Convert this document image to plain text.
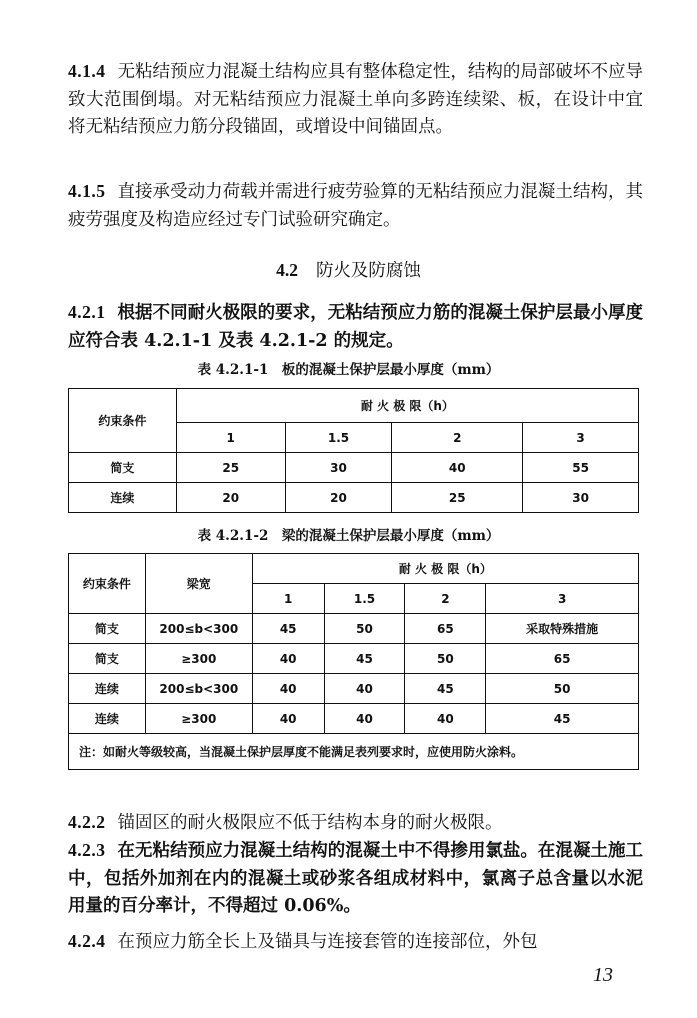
4.1.4 无粘结预应力混凝土结构应具有整体稳定性，结构的局部破坏不应导致大范围倒塌。对无粘结预应力混凝土单向多跨连续梁、板，在设计中宜将无粘结预应力筋分段锚固，或增设中间锚固点。

4.1.5 直接承受动力荷载并需进行疲劳验算的无粘结预应力混凝土结构，其疲劳强度及构造应经过专门试验研究确定。

4.2 防火及防腐蚀

4.2.1 根据不同耐火极限的要求，无粘结预应力筋的混凝土保护层最小厚度应符合表 4.2.1-1 及表 4.2.1-2 的规定。

表 4.2.1-1　板的混凝土保护层最小厚度（mm）
约束条件	耐 火 极 限（h）			
	1	1.5	2	3
简支	25	30	40	55
连续	20	20	25	30
表 4.2.1-2　梁的混凝土保护层最小厚度（mm）
约束条件	梁宽	耐 火 极 限（h）			
		1	1.5	2	3
简支	200≤b<300	45	50	65	采取特殊措施
简支	≥300	40	45	50	65
连续	200≤b<300	40	40	45	50
连续	≥300	40	40	40	45

注：如耐火等级较高，当混凝土保护层厚度不能满足表列要求时，应使用防火涂料。					

4.2.2 锚固区的耐火极限应不低于结构本身的耐火极限。

4.2.3 在无粘结预应力混凝土结构的混凝土中不得掺用氯盐。在混凝土施工中，包括外加剂在内的混凝土或砂浆各组成材料中，氯离子总含量以水泥用量的百分率计，不得超过 0.06%。

4.2.4 在预应力筋全长上及锚具与连接套管的连接部位，外包

13
